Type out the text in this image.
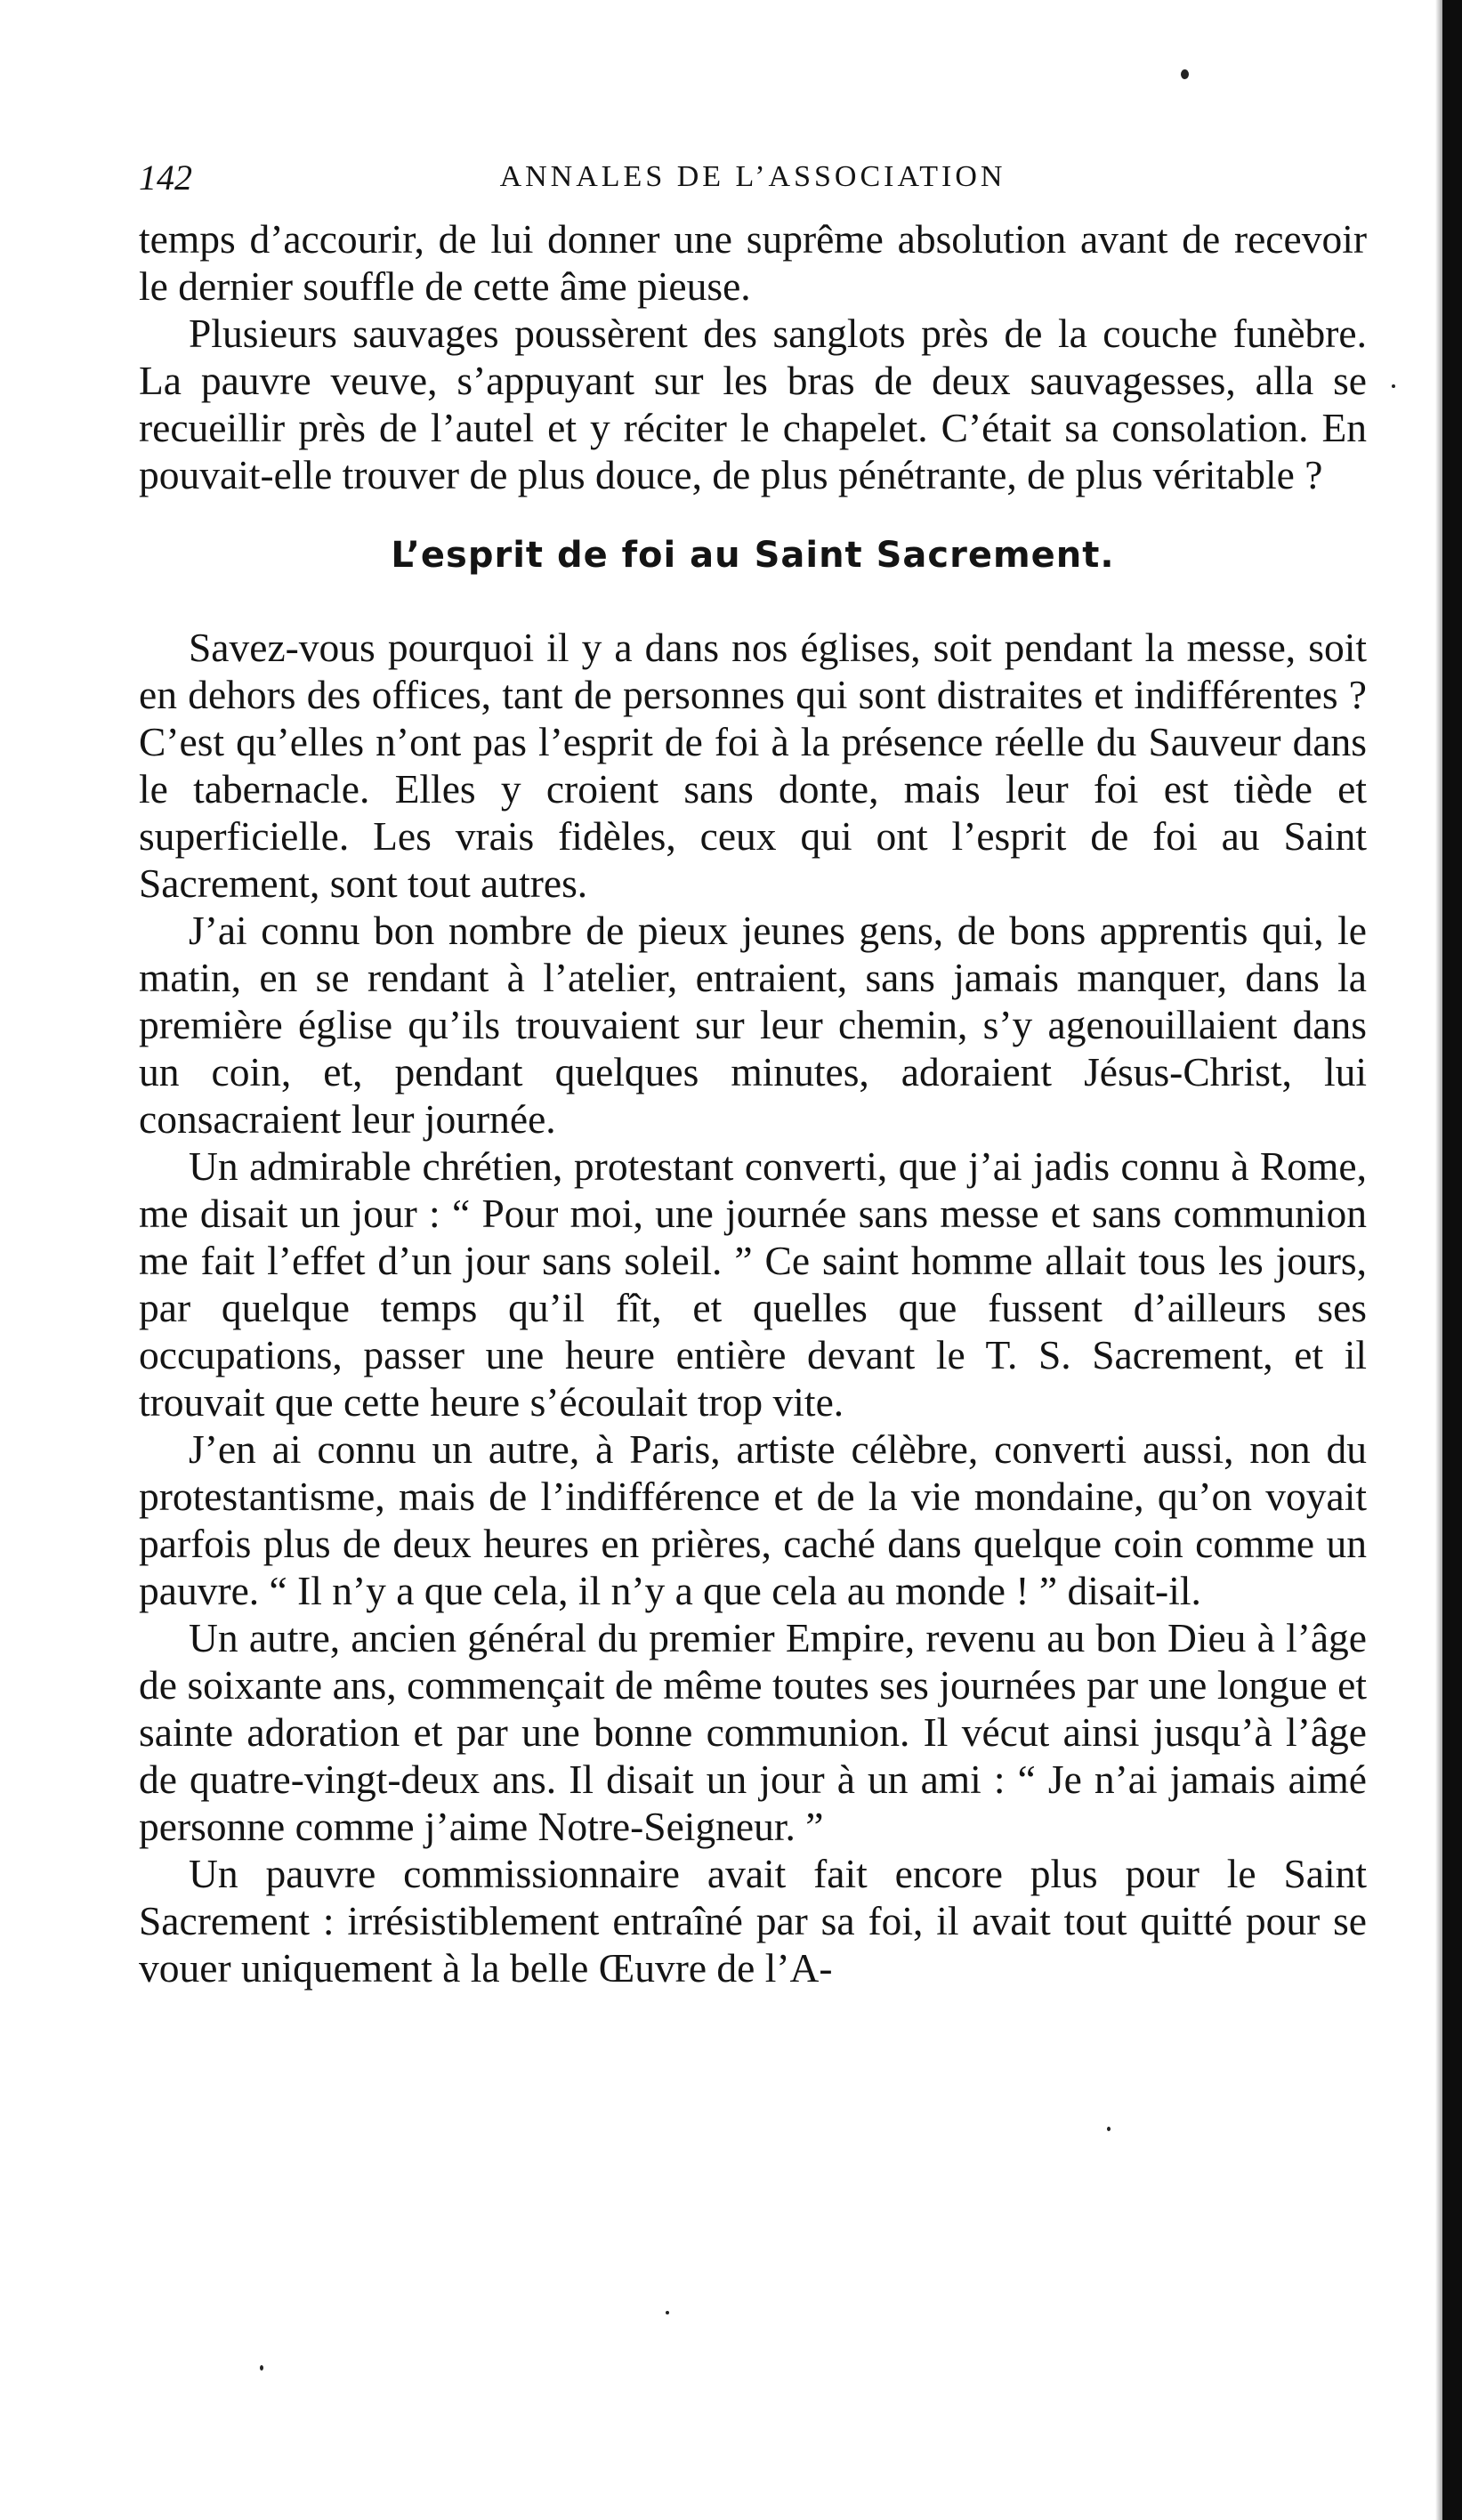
142	ANNALES DE L’ASSOCIATION

temps d’accourir, de lui donner une suprême absolution avant de recevoir le dernier souffle de cette âme pieuse.

Plusieurs sauvages poussèrent des sanglots près de la couche funèbre. La pauvre veuve, s’appuyant sur les bras de deux sauvagesses, alla se recueillir près de l’autel et y réciter le chapelet. C’était sa consolation. En pouvait-elle trouver de plus douce, de plus pénétrante, de plus véritable ?

L’esprit de foi au Saint Sacrement.

Savez-vous pourquoi il y a dans nos églises, soit pendant la messe, soit en dehors des offices, tant de personnes qui sont distraites et indifférentes ? C’est qu’elles n’ont pas l’esprit de foi à la présence réelle du Sauveur dans le tabernacle. Elles y croient sans donte, mais leur foi est tiède et superficielle. Les vrais fidèles, ceux qui ont l’esprit de foi au Saint Sacrement, sont tout autres.

J’ai connu bon nombre de pieux jeunes gens, de bons apprentis qui, le matin, en se rendant à l’atelier, entraient, sans jamais manquer, dans la première église qu’ils trouvaient sur leur chemin, s’y agenouillaient dans un coin, et, pendant quelques minutes, adoraient Jésus-Christ, lui consacraient leur journée.

Un admirable chrétien, protestant converti, que j’ai jadis connu à Rome, me disait un jour : “ Pour moi, une journée sans messe et sans communion me fait l’effet d’un jour sans soleil. ” Ce saint homme allait tous les jours, par quelque temps qu’il fît, et quelles que fussent d’ailleurs ses occupations, passer une heure entière devant le T. S. Sacrement, et il trouvait que cette heure s’écoulait trop vite.

J’en ai connu un autre, à Paris, artiste célèbre, converti aussi, non du protestantisme, mais de l’indifférence et de la vie mondaine, qu’on voyait parfois plus de deux heures en prières, caché dans quelque coin comme un pauvre. “ Il n’y a que cela, il n’y a que cela au monde ! ” disait-il.

Un autre, ancien général du premier Empire, revenu au bon Dieu à l’âge de soixante ans, commençait de même toutes ses journées par une longue et sainte adoration et par une bonne communion. Il vécut ainsi jusqu’à l’âge de quatre-vingt-deux ans. Il disait un jour à un ami : “ Je n’ai jamais aimé personne comme j’aime Notre-Seigneur. ”

Un pauvre commissionnaire avait fait encore plus pour le Saint Sacrement : irrésistiblement entraîné par sa foi, il avait tout quitté pour se vouer uniquement à la belle Œuvre de l’A-
